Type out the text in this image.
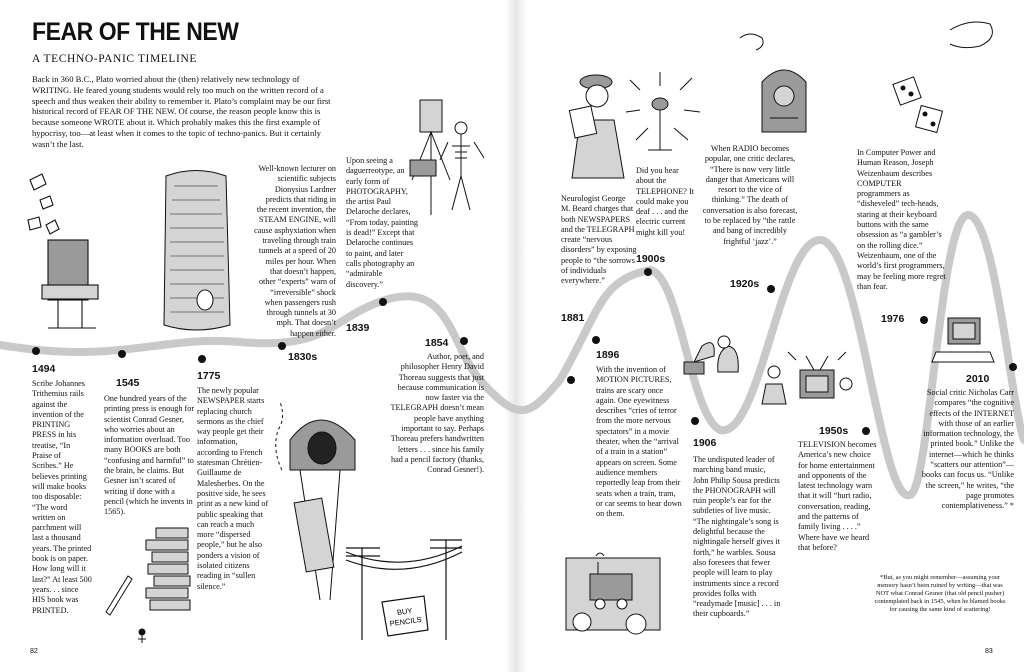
BUY
PENCILS
FEAR OF THE NEW
A TECHNO-PANIC TIMELINE

Back in 360 B.C., Plato worried about the (then) relatively new technology of WRITING. He feared young students would rely too much on the written record of a speech and thus weaken their ability to remember it. Plato’s complaint may be our first historical record of FEAR OF THE NEW. Of course, the reason people know this is because someone WROTE about it. Which probably makes this the first example of hypocrisy, too—at least when it comes to the topic of techno-panics. But it certainly wasn’t the last.

1494
1545
1775
1830s
1839
1854
1881
1896
1900s
1906
1920s
1950s
1976
2010

Scribe Johannes Trithemius rails against the invention of the PRINTING PRESS in his treatise, “In Praise of Scribes.” He believes printing will make books too disposable: “The word written on parchment will last a thousand years. The printed book is on paper. How long will it last?” At least 500 years. . . since HIS book was PRINTED.

One hundred years of the printing press is enough for scientist Conrad Gesner, who worries about an information overload. Too many BOOKS are both “confusing and harmful” to the brain, he claims. But Gesner isn’t scared of writing if done with a pencil (which he invents in 1565).

The newly popular NEWSPAPER starts replacing church sermons as the chief way people get their information, according to French statesman Chrétien-Guillaume de Malesherbes. On the positive side, he sees print as a new kind of public speaking that can reach a much more “dispersed people,” but he also ponders a vision of isolated citizens reading in “sullen silence.”

Well-known lecturer on scientific subjects Dionysius Lardner predicts that riding in the recent invention, the STEAM ENGINE, will cause asphyxiation when traveling through train tunnels at a speed of 20 miles per hour. When that doesn’t happen, other “experts” warn of “irreversible” shock when passengers rush through tunnels at 30 mph. That doesn’t happen either.

Upon seeing a daguerreotype, an early form of PHOTOGRAPHY, the artist Paul Delaroche declares, “From today, painting is dead!” Except that Delaroche continues to paint, and later calls photography an “admirable discovery.”

Author, poet, and philosopher Henry David Thoreau suggests that just because communication is now faster via the TELEGRAPH doesn’t mean people have anything important to say. Perhaps Thoreau prefers handwritten letters . . . since his family had a pencil factory (thanks, Conrad Gesner!).

Neurologist George M. Beard charges that both NEWSPAPERS and the TELEGRAPH create “nervous disorders” by exposing people to “the sorrows of individuals everywhere.”

With the invention of MOTION PICTURES, trains are scary once again. One eyewitness describes “cries of terror from the more nervous spectators” in a movie theater, when the “arrival of a train in a station” appears on screen. Some audience members reportedly leap from their seats when a train, tram, or car seems to bear down on them.

Did you hear about the TELEPHONE? It could make you deaf . . . and the electric current might kill you!

The undisputed leader of marching band music, John Philip Sousa predicts the PHONOGRAPH will ruin people’s ear for the subtleties of live music. “The nightingale’s song is delightful because the nightingale herself gives it forth,” he warbles. Sousa also foresees that fewer people will learn to play instruments since a record provides folks with “readymade [music] . . . in their cupboards.”

When RADIO becomes popular, one critic declares, “There is now very little danger that Americans will resort to the vice of thinking.” The death of conversation is also forecast, to be replaced by “the rattle and bang of incredibly frightful ‘jazz’.”

TELEVISION becomes America’s new choice for home entertainment and opponents of the latest technology warn that it will “hurt radio, conversation, reading, and the patterns of family living . . . .” Where have we heard that before?

In Computer Power and Human Reason, Joseph Weizenbaum describes COMPUTER programmers as “disheveled” tech-heads, staring at their keyboard buttons with the same obsession as “a gambler’s on the rolling dice.” Weizenbaum, one of the world’s first programmers, may be feeling more regret than fear.

Social critic Nicholas Carr compares “the cognitive effects of the INTERNET with those of an earlier information technology, the printed book.” Unlike the internet—which he thinks “scatters our attention”—books can focus us. “Unlike the screen,” he writes, “the page promotes contemplativeness.” *

*But, as you might remember—assuming your memory hasn’t been ruined by writing—that was NOT what Conrad Gesner (that old pencil pusher) contemplated back in 1545, when he blamed books for causing the same kind of scattering!

82	83
